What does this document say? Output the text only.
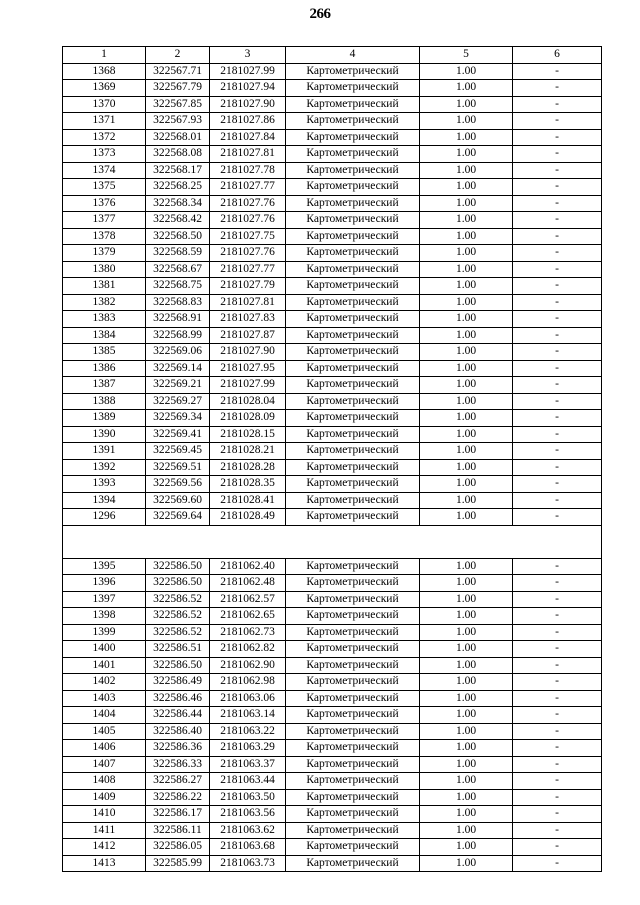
266
1	2	3	4	5	6
1368	322567.71	2181027.99	Картометрический	1.00	-
1369	322567.79	2181027.94	Картометрический	1.00	-
1370	322567.85	2181027.90	Картометрический	1.00	-
1371	322567.93	2181027.86	Картометрический	1.00	-
1372	322568.01	2181027.84	Картометрический	1.00	-
1373	322568.08	2181027.81	Картометрический	1.00	-
1374	322568.17	2181027.78	Картометрический	1.00	-
1375	322568.25	2181027.77	Картометрический	1.00	-
1376	322568.34	2181027.76	Картометрический	1.00	-
1377	322568.42	2181027.76	Картометрический	1.00	-
1378	322568.50	2181027.75	Картометрический	1.00	-
1379	322568.59	2181027.76	Картометрический	1.00	-
1380	322568.67	2181027.77	Картометрический	1.00	-
1381	322568.75	2181027.79	Картометрический	1.00	-
1382	322568.83	2181027.81	Картометрический	1.00	-
1383	322568.91	2181027.83	Картометрический	1.00	-
1384	322568.99	2181027.87	Картометрический	1.00	-
1385	322569.06	2181027.90	Картометрический	1.00	-
1386	322569.14	2181027.95	Картометрический	1.00	-
1387	322569.21	2181027.99	Картометрический	1.00	-
1388	322569.27	2181028.04	Картометрический	1.00	-
1389	322569.34	2181028.09	Картометрический	1.00	-
1390	322569.41	2181028.15	Картометрический	1.00	-
1391	322569.45	2181028.21	Картометрический	1.00	-
1392	322569.51	2181028.28	Картометрический	1.00	-
1393	322569.56	2181028.35	Картометрический	1.00	-
1394	322569.60	2181028.41	Картометрический	1.00	-
1296	322569.64	2181028.49	Картометрический	1.00	-

1395	322586.50	2181062.40	Картометрический	1.00	-
1396	322586.50	2181062.48	Картометрический	1.00	-
1397	322586.52	2181062.57	Картометрический	1.00	-
1398	322586.52	2181062.65	Картометрический	1.00	-
1399	322586.52	2181062.73	Картометрический	1.00	-
1400	322586.51	2181062.82	Картометрический	1.00	-
1401	322586.50	2181062.90	Картометрический	1.00	-
1402	322586.49	2181062.98	Картометрический	1.00	-
1403	322586.46	2181063.06	Картометрический	1.00	-
1404	322586.44	2181063.14	Картометрический	1.00	-
1405	322586.40	2181063.22	Картометрический	1.00	-
1406	322586.36	2181063.29	Картометрический	1.00	-
1407	322586.33	2181063.37	Картометрический	1.00	-
1408	322586.27	2181063.44	Картометрический	1.00	-
1409	322586.22	2181063.50	Картометрический	1.00	-
1410	322586.17	2181063.56	Картометрический	1.00	-
1411	322586.11	2181063.62	Картометрический	1.00	-
1412	322586.05	2181063.68	Картометрический	1.00	-
1413	322585.99	2181063.73	Картометрический	1.00	-
